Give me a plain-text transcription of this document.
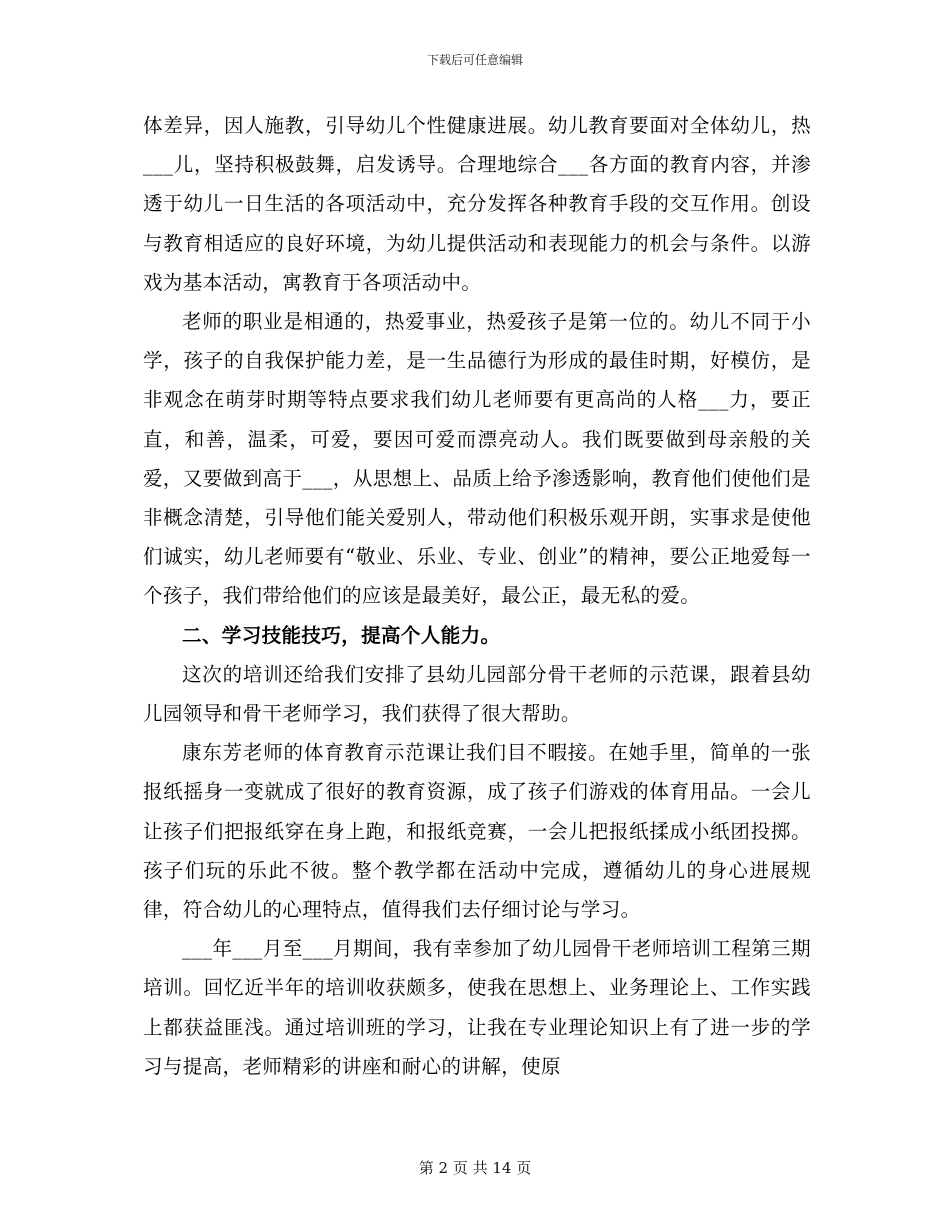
下载后可任意编辑

体差异，因人施教，引导幼儿个性健康进展。幼儿教育要面对全体幼儿，热___儿，坚持积极鼓舞，启发诱导。合理地综合___各方面的教育内容，并渗透于幼儿一日生活的各项活动中，充分发挥各种教育手段的交互作用。创设与教育相适应的良好环境，为幼儿提供活动和表现能力的机会与条件。以游戏为基本活动，寓教育于各项活动中。

老师的职业是相通的，热爱事业，热爱孩子是第一位的。幼儿不同于小学，孩子的自我保护能力差，是一生品德行为形成的最佳时期，好模仿，是非观念在萌芽时期等特点要求我们幼儿老师要有更高尚的人格___力，要正直，和善，温柔，可爱，要因可爱而漂亮动人。我们既要做到母亲般的关爱，又要做到高于___，从思想上、品质上给予渗透影响，教育他们使他们是非概念清楚，引导他们能关爱别人，带动他们积极乐观开朗，实事求是使他们诚实，幼儿老师要有“敬业、乐业、专业、创业”的精神，要公正地爱每一个孩子，我们带给他们的应该是最美好，最公正，最无私的爱。

二、学习技能技巧，提高个人能力。

这次的培训还给我们安排了县幼儿园部分骨干老师的示范课，跟着县幼儿园领导和骨干老师学习，我们获得了很大帮助。

康东芳老师的体育教育示范课让我们目不暇接。在她手里，简单的一张报纸摇身一变就成了很好的教育资源，成了孩子们游戏的体育用品。一会儿让孩子们把报纸穿在身上跑，和报纸竞赛，一会儿把报纸揉成小纸团投掷。孩子们玩的乐此不彼。整个教学都在活动中完成，遵循幼儿的身心进展规律，符合幼儿的心理特点，值得我们去仔细讨论与学习。

___年___月至___月期间，我有幸参加了幼儿园骨干老师培训工程第三期培训。回忆近半年的培训收获颇多，使我在思想上、业务理论上、工作实践上都获益匪浅。通过培训班的学习，让我在专业理论知识上有了进一步的学习与提高，老师精彩的讲座和耐心的讲解，使原

第 2 页 共 14 页
